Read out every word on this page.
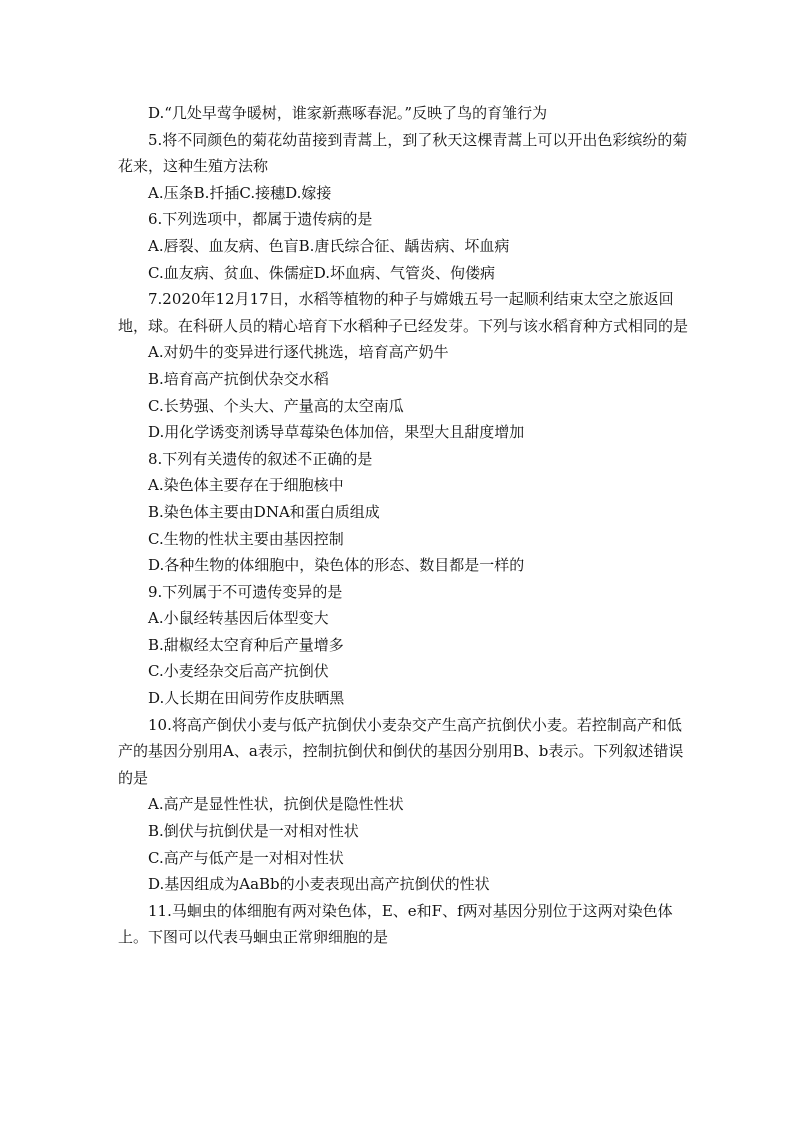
D.“几处早莺争暖树，谁家新燕啄春泥。”反映了鸟的育雏行为

5.将不同颜色的菊花幼苗接到青蒿上，到了秋天这棵青蒿上可以开出色彩缤纷的菊花来，这种生殖方法称

A.压条B.扦插C.接穗D.嫁接

6.下列选项中，都属于遗传病的是

A.唇裂、血友病、色盲B.唐氏综合征、龋齿病、坏血病

C.血友病、贫血、侏儒症D.坏血病、气管炎、佝偻病

7.2020年12月17日，水稻等植物的种子与嫦娥五号一起顺利结束太空之旅返回地，球。在科研人员的精心培育下水稻种子已经发芽。下列与该水稻育种方式相同的是

A.对奶牛的变异进行逐代挑选，培育高产奶牛

B.培育高产抗倒伏杂交水稻

C.长势强、个头大、产量高的太空南瓜

D.用化学诱变剂诱导草莓染色体加倍，果型大且甜度增加

8.下列有关遗传的叙述不正确的是

A.染色体主要存在于细胞核中

B.染色体主要由DNA和蛋白质组成

C.生物的性状主要由基因控制

D.各种生物的体细胞中，染色体的形态、数目都是一样的

9.下列属于不可遗传变异的是

A.小鼠经转基因后体型变大

B.甜椒经太空育种后产量增多

C.小麦经杂交后高产抗倒伏

D.人长期在田间劳作皮肤晒黑

10.将高产倒伏小麦与低产抗倒伏小麦杂交产生高产抗倒伏小麦。若控制高产和低产的基因分别用A、a表示，控制抗倒伏和倒伏的基因分别用B、b表示。下列叙述错误的是

A.高产是显性性状，抗倒伏是隐性性状

B.倒伏与抗倒伏是一对相对性状

C.高产与低产是一对相对性状

D.基因组成为AaBb的小麦表现出高产抗倒伏的性状

11.马蛔虫的体细胞有两对染色体，E、e和F、f两对基因分别位于这两对染色体上。下图可以代表马蛔虫正常卵细胞的是
